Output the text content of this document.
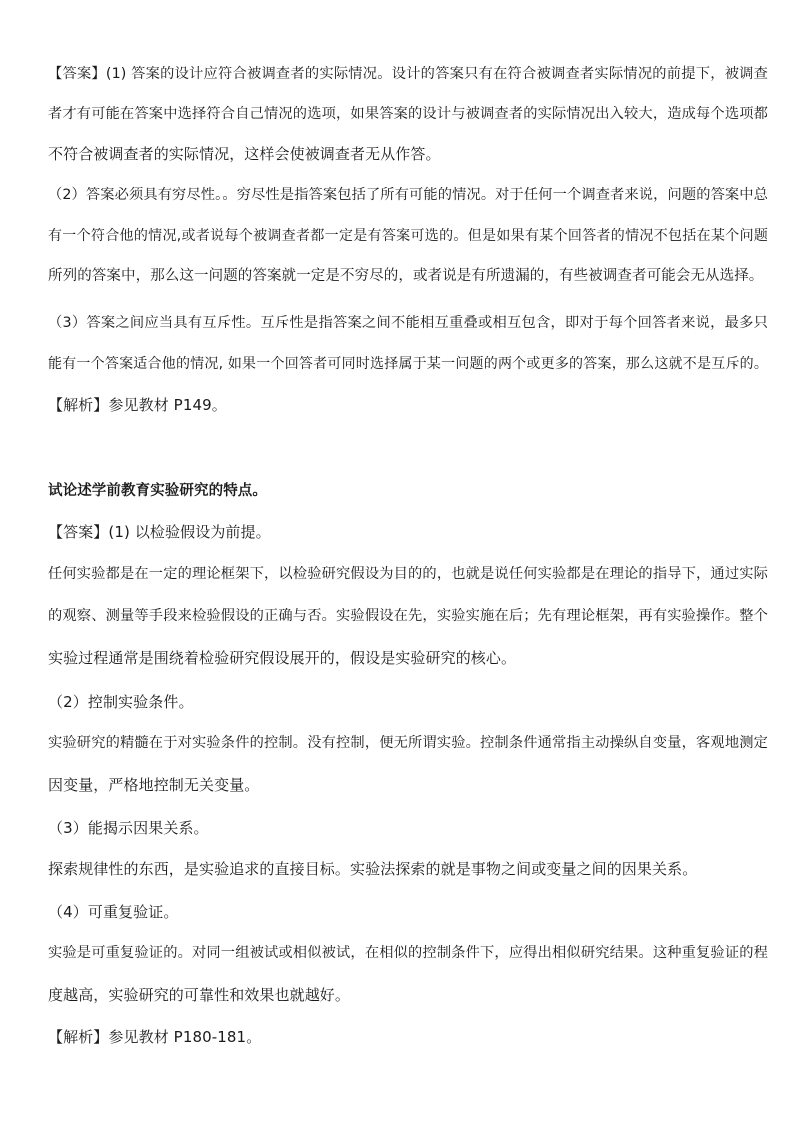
【答案】(1) 答案的设计应符合被调查者的实际情况。设计的答案只有在符合被调查者实际情况的前提下，被调查
者才有可能在答案中选择符合自己情况的选项，如果答案的设计与被调查者的实际情况出入较大，造成每个选项都
不符合被调查者的实际情况，这样会使被调查者无从作答。
（2）答案必须具有穷尽性。。穷尽性是指答案包括了所有可能的情况。对于任何一个调查者来说，问题的答案中总
有一个符合他的情况,或者说每个被调查者都一定是有答案可选的。但是如果有某个回答者的情况不包括在某个问题
所列的答案中，那么这一问题的答案就一定是不穷尽的，或者说是有所遗漏的，有些被调查者可能会无从选择。
（3）答案之间应当具有互斥性。互斥性是指答案之间不能相互重叠或相互包含，即对于每个回答者来说，最多只
能有一个答案适合他的情况, 如果一个回答者可同时选择属于某一问题的两个或更多的答案，那么这就不是互斥的。
【解析】参见教材 P149。
试论述学前教育实验研究的特点。
【答案】(1) 以检验假设为前提。
任何实验都是在一定的理论框架下，以检验研究假设为目的的，也就是说任何实验都是在理论的指导下，通过实际
的观察、测量等手段来检验假设的正确与否。实验假设在先，实验实施在后；先有理论框架，再有实验操作。整个
实验过程通常是围绕着检验研究假设展开的，假设是实验研究的核心。
（2）控制实验条件。
实验研究的精髓在于对实验条件的控制。没有控制，便无所谓实验。控制条件通常指主动操纵自变量，客观地测定
因变量，严格地控制无关变量。
（3）能揭示因果关系。
探索规律性的东西，是实验追求的直接目标。实验法探索的就是事物之间或变量之间的因果关系。
（4）可重复验证。
实验是可重复验证的。对同一组被试或相似被试，在相似的控制条件下，应得出相似研究结果。这种重复验证的程
度越高，实验研究的可靠性和效果也就越好。
【解析】参见教材 P180-181。
